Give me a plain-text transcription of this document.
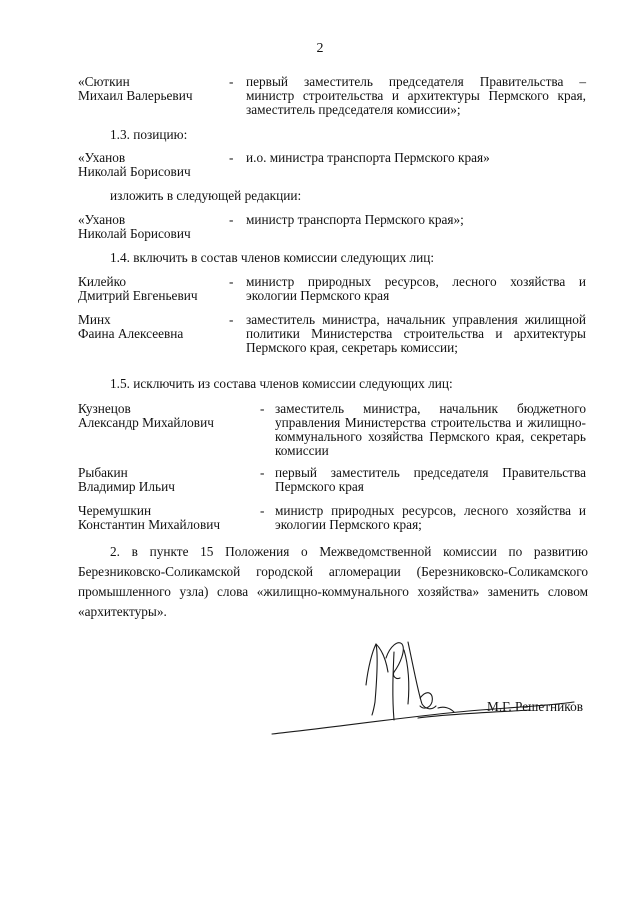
2
«Сюткин
Михаил Валерьевич
- первый заместитель председателя Правительства – министр строительства и архитектуры Пермского края, заместитель председателя комиссии»;
1.3. позицию:
«Уханов
Николай Борисович
- и.о. министра транспорта Пермского края»
изложить в следующей редакции:
«Уханов
Николай Борисович
- министр транспорта Пермского края»;
1.4. включить в состав членов комиссии следующих лиц:
Килейко
Дмитрий Евгеньевич
- министр природных ресурсов, лесного хозяйства и экологии Пермского края
Минх
Фаина Алексеевна
- заместитель министра, начальник управления жилищной политики Министерства строительства и архитектуры Пермского края, секретарь комиссии;
1.5. исключить из состава членов комиссии следующих лиц:
Кузнецов
Александр Михайлович
- заместитель министра, начальник бюджетного управления Министерства строительства и жилищно-коммунального хозяйства Пермского края, секретарь комиссии
Рыбакин
Владимир Ильич
- первый заместитель председателя Правительства Пермского края
Черемушкин
Константин Михайлович
- министр природных ресурсов, лесного хозяйства и экологии Пермского края;
2. в пункте 15 Положения о Межведомственной комиссии по развитию Березниковско-Соликамской городской агломерации (Березниковско-Соликамского промышленного узла) слова «жилищно-коммунального хозяйства» заменить словом «архитектуры».
М.Г. Решетников
